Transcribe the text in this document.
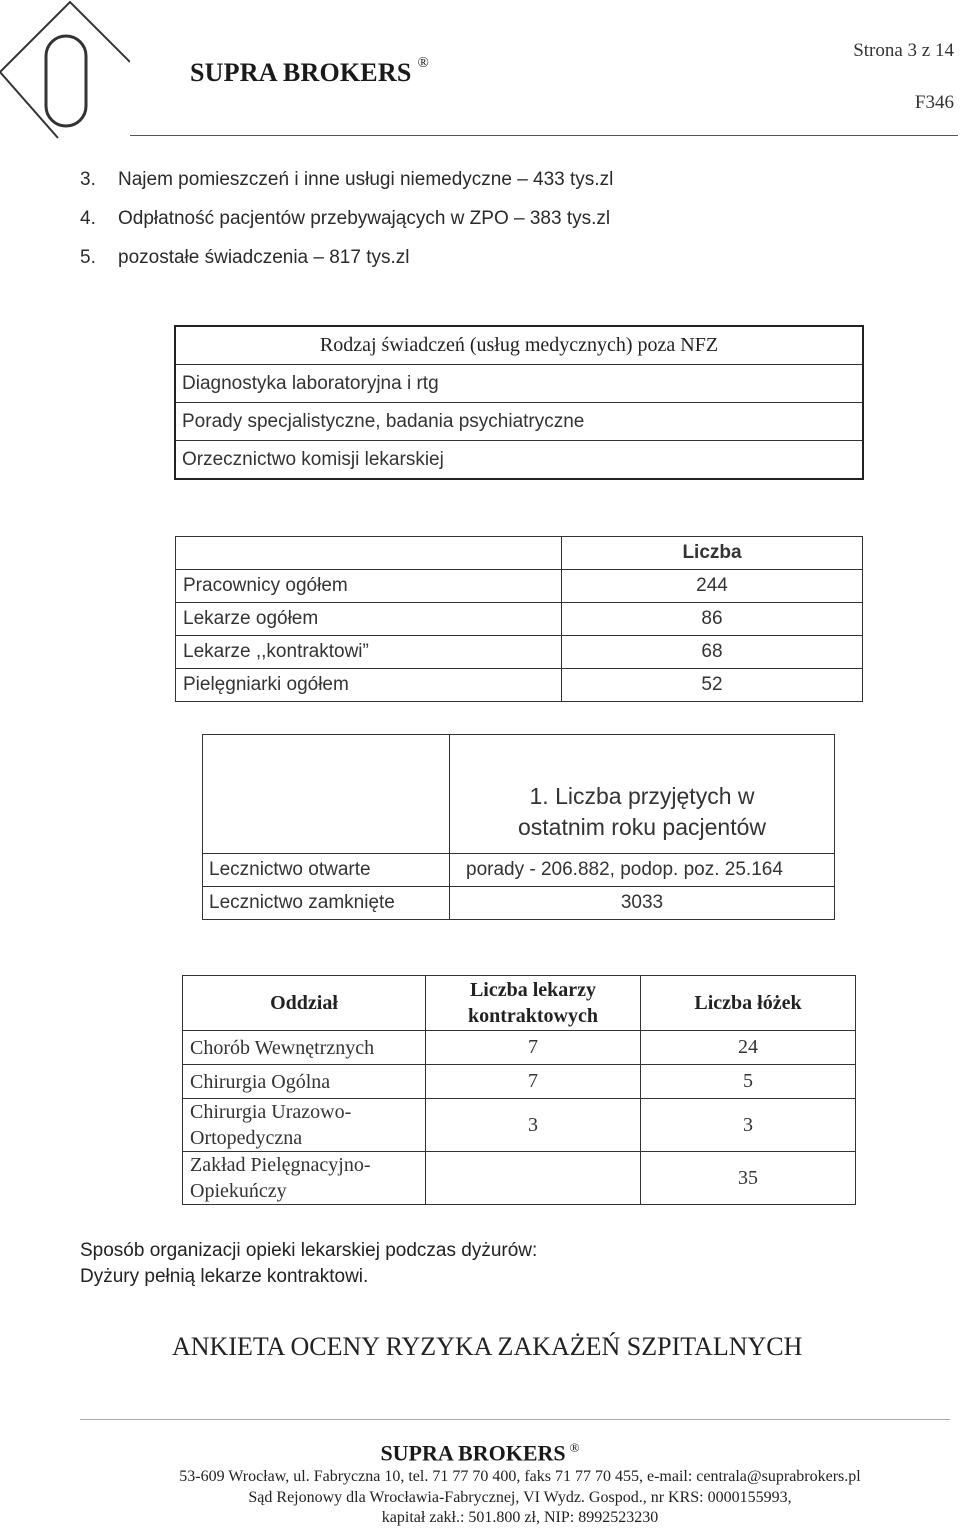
SUPRA BROKERS ®
Strona 3 z 14
F346
3. Najem pomieszczeń i inne usługi niemedyczne – 433 tys.zl
4. Odpłatność pacjentów przebywających w ZPO – 383 tys.zl
5. pozostałe świadczenia – 817 tys.zl
Rodzaj świadczeń (usług medycznych) poza NFZ
Diagnostyka laboratoryjna i rtg
Porady specjalistyczne, badania psychiatryczne
Orzecznictwo komisji lekarskiej
	Liczba
Pracownicy ogółem	244
Lekarze ogółem	86
Lekarze ,,kontraktowi”	68
Pielęgniarki ogółem	52

	1. Liczba przyjętych w ostatnim roku pacjentów

Lecznictwo otwarte	porady - 206.882, podop. poz. 25.164
Lecznictwo zamknięte	3033
Oddział	Liczba lekarzy kontraktowych	Liczba łóżek
Chorób Wewnętrznych	7	24
Chirurgia Ogólna	7	5

Chirurgia Urazowo-Ortopedyczna	3	3

Zakład Pielęgnacyjno-Opiekuńczy		35
Sposób organizacji opieki lekarskiej podczas dyżurów:
Dyżury pełnią lekarze kontraktowi.
ANKIETA OCENY RYZYKA ZAKAŻEŃ SZPITALNYCH
SUPRA BROKERS ®
53-609 Wrocław, ul. Fabryczna 10, tel. 71 77 70 400, faks 71 77 70 455, e-mail: centrala@suprabrokers.pl
Sąd Rejonowy dla Wrocławia-Fabrycznej, VI Wydz. Gospod., nr KRS: 0000155993,
kapitał zakł.: 501.800 zł, NIP: 8992523230
